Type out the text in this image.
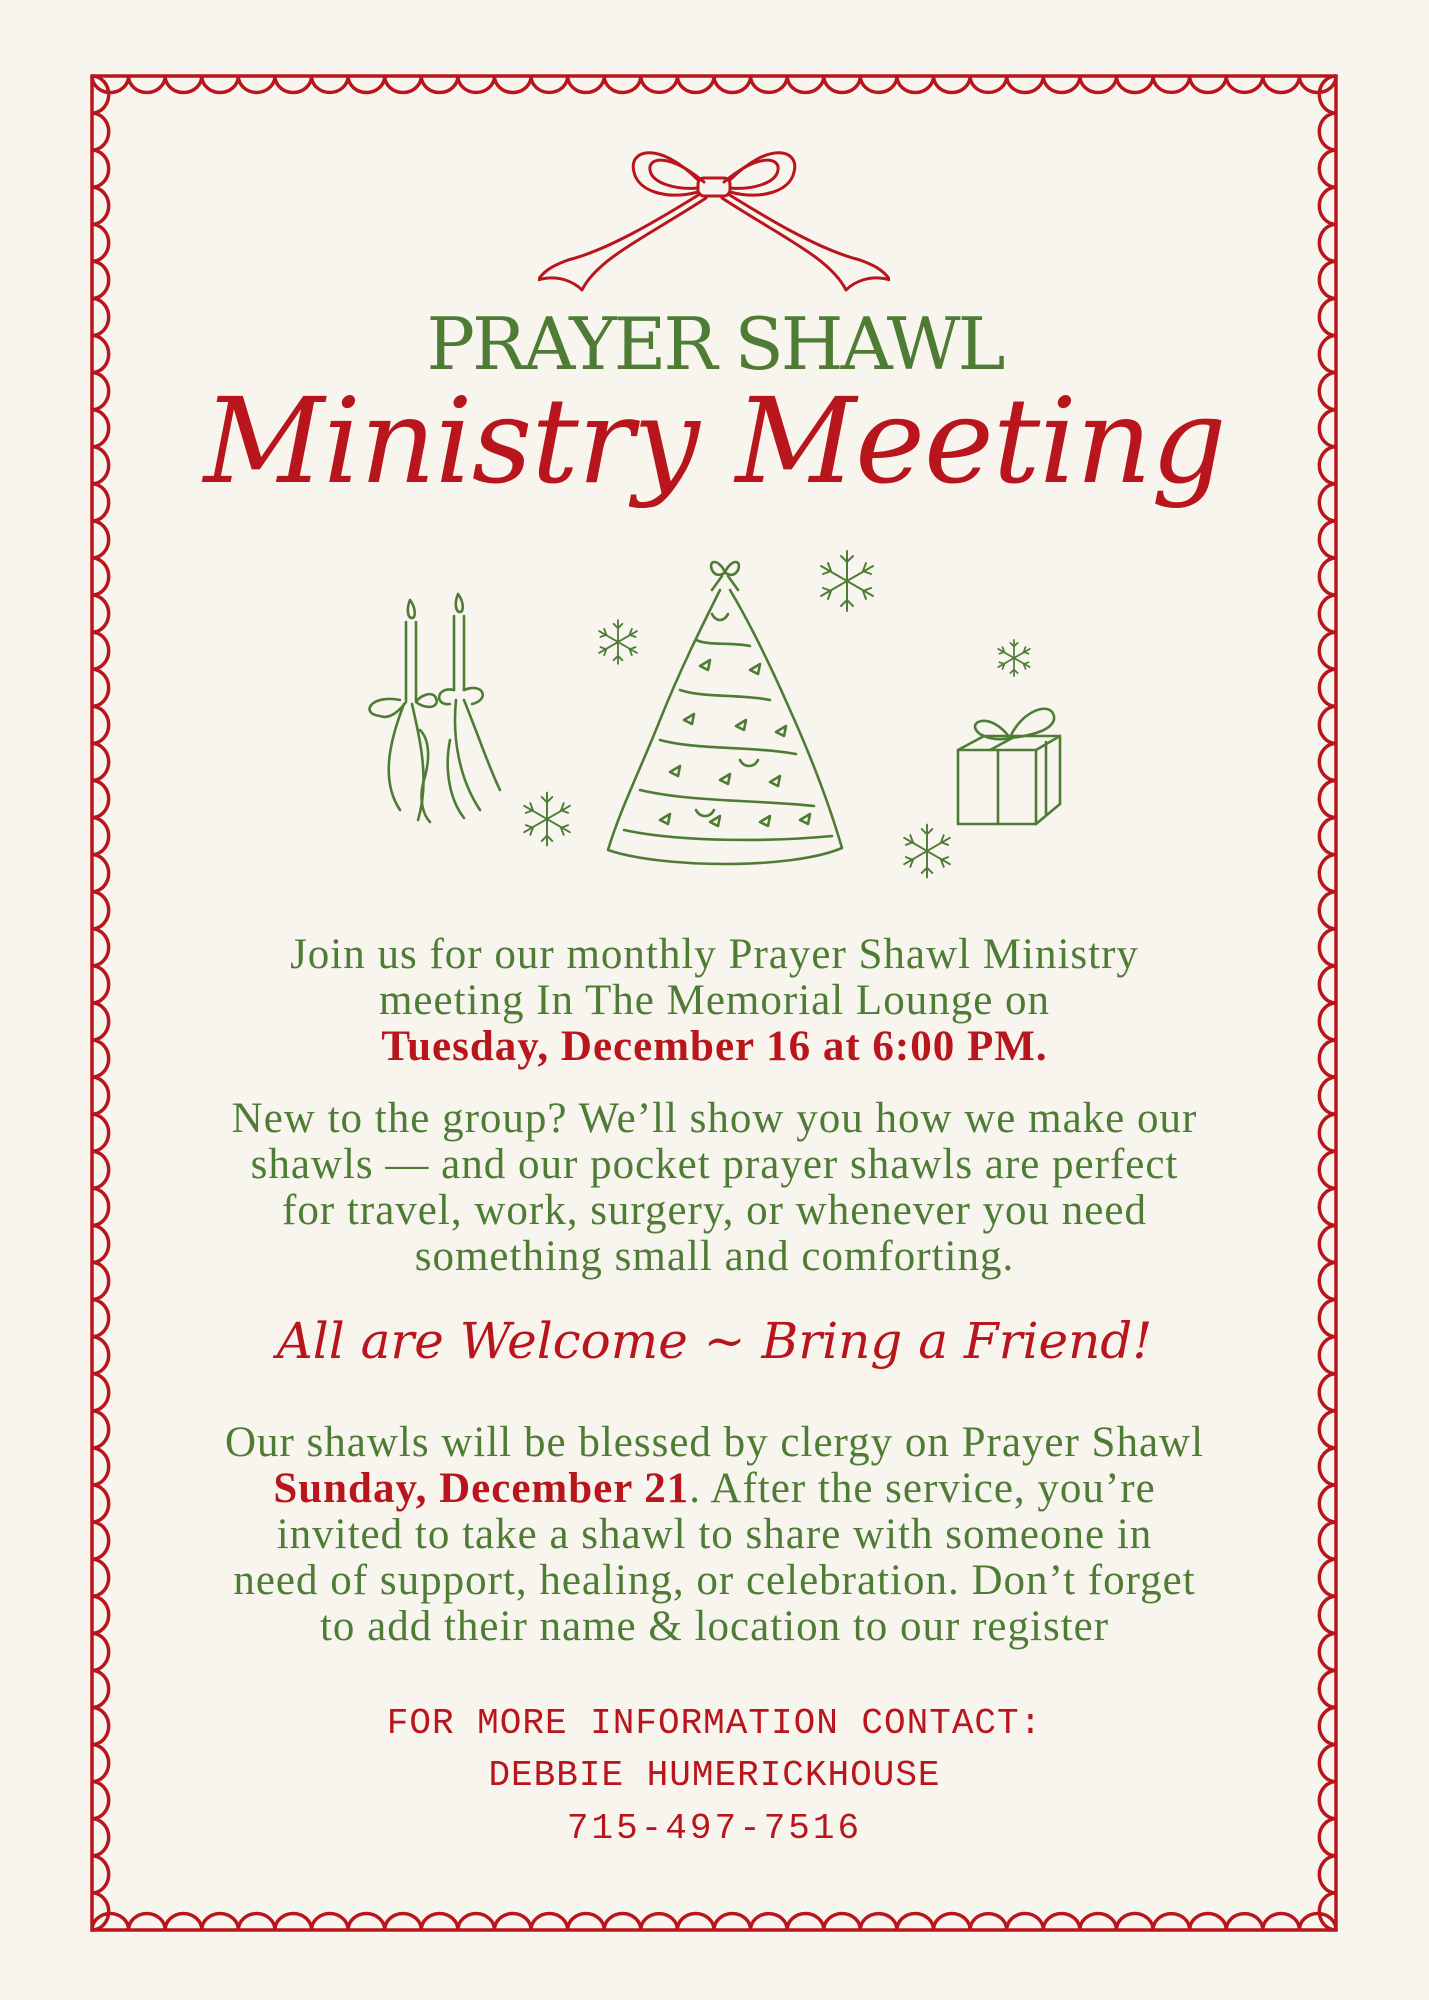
PRAYER SHAWL
Ministry Meeting
Join us for our monthly Prayer Shawl Ministry
meeting In The Memorial Lounge on
Tuesday, December 16 at 6:00 PM.
New to the group? We’ll show you how we make our
shawls — and our pocket prayer shawls are perfect
for travel, work, surgery, or whenever you need
something small and comforting.
All are Welcome ~ Bring a Friend!
Our shawls will be blessed by clergy on Prayer Shawl
Sunday, December 21. After the service, you’re
invited to take a shawl to share with someone in
need of support, healing, or celebration. Don’t forget
to add their name & location to our register
FOR MORE INFORMATION CONTACT:
DEBBIE HUMERICKHOUSE
715-497-7516
